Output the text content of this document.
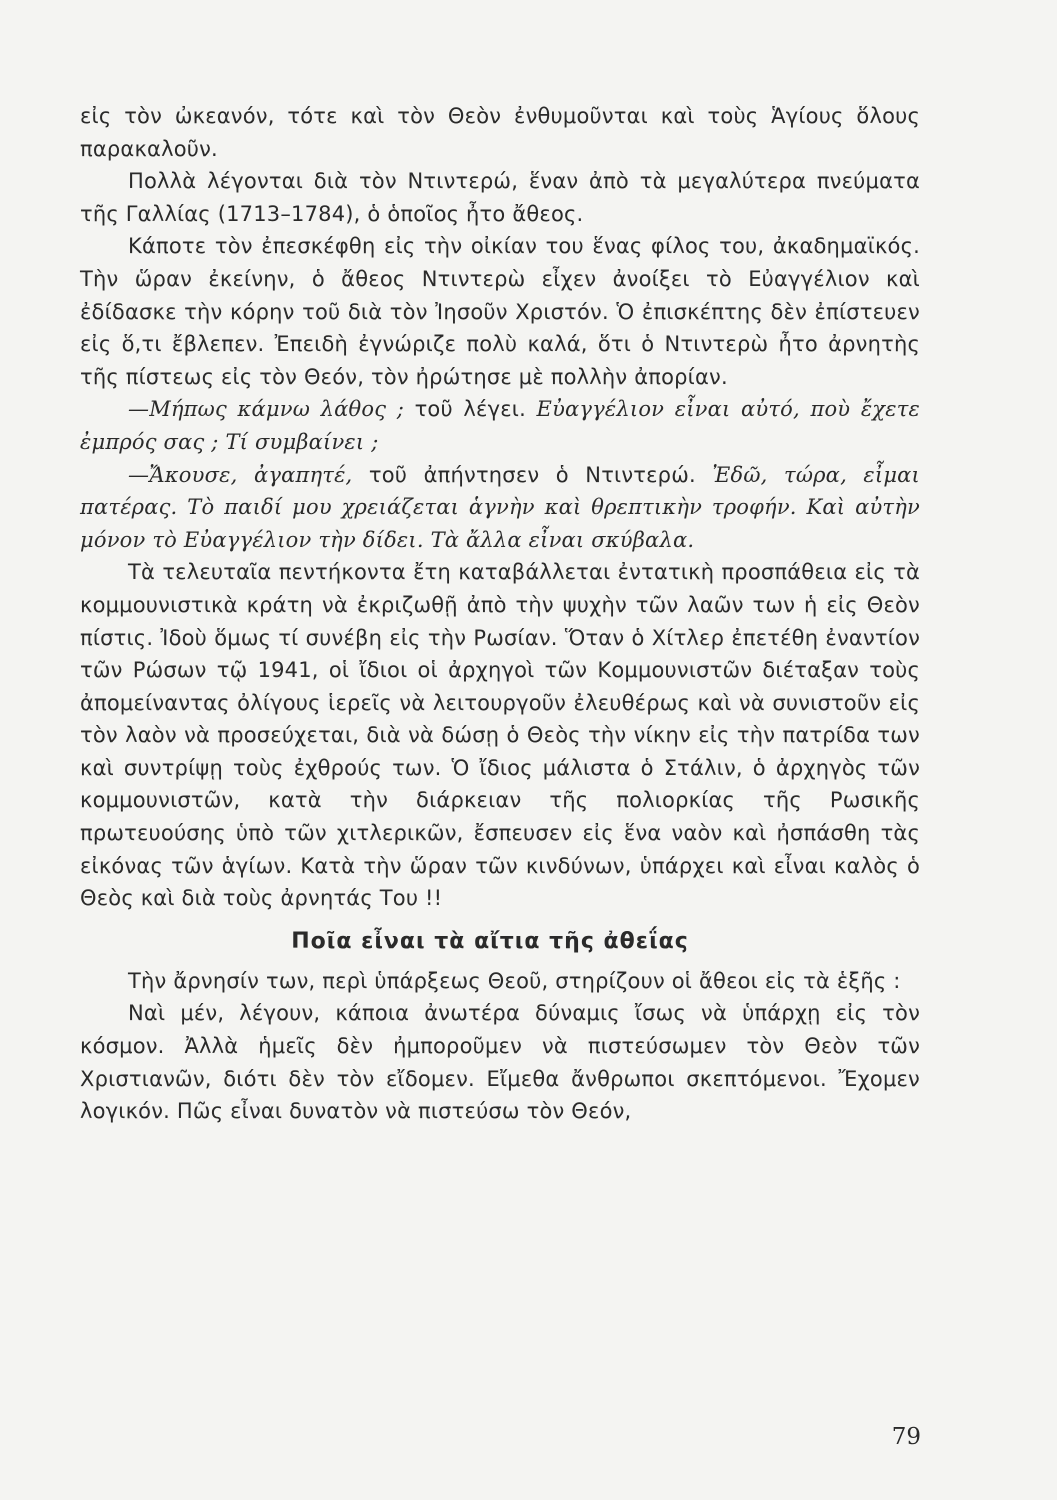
εἰς τὸν ὠκεανόν, τότε καὶ τὸν Θεὸν ἐνθυμοῦνται καὶ τοὺς Ἁγίους ὅλους παρακαλοῦν.

Πολλὰ λέγονται διὰ τὸν Ντιντερώ, ἕναν ἀπὸ τὰ μεγαλύτερα πνεύματα τῆς Γαλλίας (1713–1784), ὁ ὁποῖος ἦτο ἄθεος.

Κάποτε τὸν ἐπεσκέφθη εἰς τὴν οἰκίαν του ἕνας φίλος του, ἀκαδημαϊκός. Τὴν ὥραν ἐκείνην, ὁ ἄθεος Ντιντερὼ εἶχεν ἀνοίξει τὸ Εὐαγγέλιον καὶ ἐδίδασκε τὴν κόρην τοῦ διὰ τὸν Ἰησοῦν Χριστόν. Ὁ ἐπισκέπτης δὲν ἐπίστευεν εἰς ὅ,τι ἔβλεπεν. Ἐπειδὴ ἐγνώριζε πολὺ καλά, ὅτι ὁ Ντιντερὼ ἦτο ἀρνητὴς τῆς πίστεως εἰς τὸν Θεόν, τὸν ἠρώτησε μὲ πολλὴν ἀπορίαν.

—Μήπως κάμνω λάθος ; τοῦ λέγει. Εὐαγγέλιον εἶναι αὐτό, ποὺ ἔχετε ἐμπρός σας ; Τί συμβαίνει ;

—Ἄκουσε, ἀγαπητέ, τοῦ ἀπήντησεν ὁ Ντιντερώ. Ἐδῶ, τώρα, εἶμαι πατέρας. Τὸ παιδί μου χρειάζεται ἁγνὴν καὶ θρεπτικὴν τροφήν. Καὶ αὐτὴν μόνον τὸ Εὐαγγέλιον τὴν δίδει. Τὰ ἄλλα εἶναι σκύβαλα.

Τὰ τελευταῖα πεντήκοντα ἔτη καταβάλλεται ἐντατικὴ προσπάθεια εἰς τὰ κομμουνιστικὰ κράτη νὰ ἐκριζωθῇ ἀπὸ τὴν ψυχὴν τῶν λαῶν των ἡ εἰς Θεὸν πίστις. Ἰδοὺ ὅμως τί συνέβη εἰς τὴν Ρωσίαν. Ὅταν ὁ Χίτλερ ἐπετέθη ἐναντίον τῶν Ρώσων τῷ 1941, οἱ ἴδιοι οἱ ἀρχηγοὶ τῶν Κομμουνιστῶν διέταξαν τοὺς ἀπομείναντας ὀλίγους ἱερεῖς νὰ λειτουργοῦν ἐλευθέρως καὶ νὰ συνιστοῦν εἰς τὸν λαὸν νὰ προσεύχεται, διὰ νὰ δώσῃ ὁ Θεὸς τὴν νίκην εἰς τὴν πατρίδα των καὶ συντρίψῃ τοὺς ἐχθρούς των. Ὁ ἴδιος μάλιστα ὁ Στάλιν, ὁ ἀρχηγὸς τῶν κομμουνιστῶν, κατὰ τὴν διάρκειαν τῆς πολιορκίας τῆς Ρωσικῆς πρωτευούσης ὑπὸ τῶν χιτλερικῶν, ἔσπευσεν εἰς ἕνα ναὸν καὶ ἠσπάσθη τὰς εἰκόνας τῶν ἁγίων. Κατὰ τὴν ὥραν τῶν κινδύνων, ὑπάρχει καὶ εἶναι καλὸς ὁ Θεὸς καὶ διὰ τοὺς ἀρνητάς Του !!

Ποῖα εἶναι τὰ αἴτια τῆς ἀθεΐας

Τὴν ἄρνησίν των, περὶ ὑπάρξεως Θεοῦ, στηρίζουν οἱ ἄθεοι εἰς τὰ ἑξῆς :

Ναὶ μέν, λέγουν, κάποια ἀνωτέρα δύναμις ἴσως νὰ ὑπάρχῃ εἰς τὸν κόσμον. Ἀλλὰ ἡμεῖς δὲν ἠμποροῦμεν νὰ πιστεύσωμεν τὸν Θεὸν τῶν Χριστιανῶν, διότι δὲν τὸν εἴδομεν. Εἴμεθα ἄνθρωποι σκεπτόμενοι. Ἔχομεν λογικόν. Πῶς εἶναι δυνατὸν νὰ πιστεύσω τὸν Θεόν,

79
